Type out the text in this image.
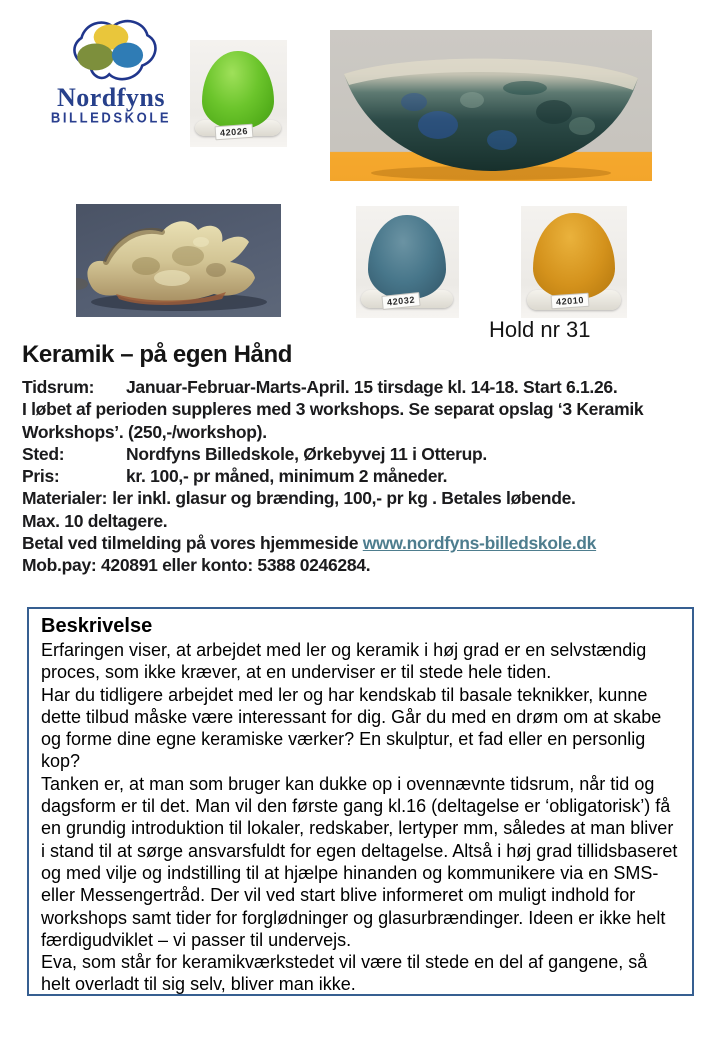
Nordfyns
BILLEDSKOLE
42026
42032	42010
Hold nr 31
Keramik – på egen Hånd
Tidsrum: Januar-Februar-Marts-April. 15 tirsdage kl. 14-18. Start 6.1.26.
I løbet af perioden suppleres med 3 workshops. Se separat opslag ‘3 Keramik Workshops’. (250,-/workshop).
Sted:	Nordfyns Billedskole, Ørkebyvej 11 i Otterup.
Pris:	kr. 100,- pr måned, minimum 2 måneder.
Materialer: ler inkl. glasur og brænding, 100,- pr kg . Betales løbende.
Max. 10 deltagere.
Betal ved tilmelding på vores hjemmeside www.nordfyns-billedskole.dk
Mob.pay: 420891 eller konto: 5388 0246284.
Beskrivelse

Erfaringen viser, at arbejdet med ler og keramik i høj grad er en selvstændig proces, som ikke kræver, at en underviser er til stede hele tiden.

Har du tidligere arbejdet med ler og har kendskab til basale teknikker, kunne dette tilbud måske være interessant for dig. Går du med en drøm om at skabe og forme dine egne keramiske værker? En skulptur, et fad eller en personlig kop?

Tanken er, at man som bruger kan dukke op i ovennævnte tidsrum, når tid og dagsform er til det. Man vil den første gang kl.16 (deltagelse er ‘obligatorisk’) få en grundig introduktion til lokaler, redskaber, lertyper mm, således at man bliver i stand til at sørge ansvarsfuldt for egen deltagelse. Altså i høj grad tillidsbaseret og med vilje og indstilling til at hjælpe hinanden og kommunikere via en SMS- eller Messengertråd. Der vil ved start blive informeret om muligt indhold for workshops samt tider for forglødninger og glasurbrændinger. Ideen er ikke helt færdigudviklet – vi passer til undervejs.

Eva, som står for keramikværkstedet vil være til stede en del af gangene, så helt overladt til sig selv, bliver man ikke.
